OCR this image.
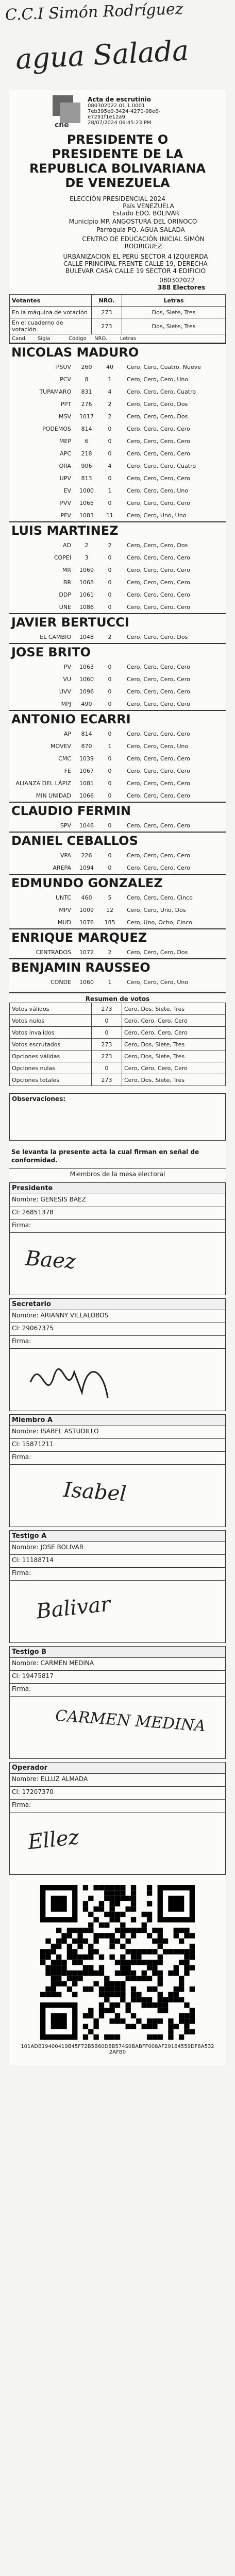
C.C.I Simón Rodríguez
agua Salada
cne
Acta de escrutinio
080302022.01.1.0001
7eb395e0-3424-4270-98e6-
e7291f1e12a9
28/07/2024 06:45:23 PM
PRESIDENTE O PRESIDENTE DE LA REPUBLICA BOLIVARIANA DE VENEZUELA
ELECCIÓN PRESIDENCIAL 2024
País VENEZUELA
Estado EDO. BOLIVAR
Municipio MP. ANGOSTURA DEL ORINOCO
Parroquia PQ. AGUA SALADA
CENTRO DE EDUCACIÓN INICIAL SIMÓN RODRIGUEZ
URBANIZACION EL PERU SECTOR 4 IZQUIERDA CALLE PRINCIPAL FRENTE CALLE 19, DERECHA BULEVAR CASA CALLE 19 SECTOR 4 EDIFICIO
080302022
388 Electores
Votantes	NRO.	Letras
En la máquina de votación	273	Dos, Siete, Tres
En el cuaderno de votación	273	Dos, Siete, Tres
Cand.	Sigla	Código	NRO.	Letras
NICOLAS MADURO
PSUV	260	40	Cero, Cero, Cuatro, Nueve
PCV	8	1	Cero, Cero, Cero, Uno
TUPAMARO	831	4	Cero, Cero, Cero, Cuatro
PPT	276	2	Cero, Cero, Cero, Dos
MSV	1017	2	Cero, Cero, Cero, Dos
PODEMOS	814	0	Cero, Cero, Cero, Cero
MEP	6	0	Cero, Cero, Cero, Cero
APC	218	0	Cero, Cero, Cero, Cero
ORA	906	4	Cero, Cero, Cero, Cuatro
UPV	813	0	Cero, Cero, Cero, Cero
EV	1000	1	Cero, Cero, Cero, Uno
PVV	1065	0	Cero, Cero, Cero, Cero
PFV	1083	11	Cero, Cero, Uno, Uno
LUIS MARTINEZ
AD	2	2	Cero, Cero, Cero, Dos
COPEI	3	0	Cero, Cero, Cero, Cero
MR	1069	0	Cero, Cero, Cero, Cero
BR	1068	0	Cero, Cero, Cero, Cero
DDP	1061	0	Cero, Cero, Cero, Cero
UNE	1086	0	Cero, Cero, Cero, Cero
JAVIER BERTUCCI
EL CAMBIO	1048	2	Cero, Cero, Cero, Dos
JOSE BRITO
PV	1063	0	Cero, Cero, Cero, Cero
VU	1060	0	Cero, Cero, Cero, Cero
UVV	1096	0	Cero, Cero, Cero, Cero
MPJ	490	0	Cero, Cero, Cero, Cero
ANTONIO ECARRI
AP	814	0	Cero, Cero, Cero, Cero
MOVEV	870	1	Cero, Cero, Cero, Uno
CMC	1039	0	Cero, Cero, Cero, Cero
FE	1067	0	Cero, Cero, Cero, Cero
ALIANZA DEL LÁPIZ	1081	0	Cero, Cero, Cero, Cero
MIN UNIDAD	1066	0	Cero, Cero, Cero, Cero
CLAUDIO FERMIN
SPV	1046	0	Cero, Cero, Cero, Cero
DANIEL CEBALLOS
VPA	226	0	Cero, Cero, Cero, Cero
AREPA	1094	0	Cero, Cero, Cero, Cero
EDMUNDO GONZALEZ
UNTC	460	5	Cero, Cero, Cero, Cinco
MPV	1009	12	Cero, Cero, Uno, Dos
MUD	1076	185	Cero, Uno, Ocho, Cinco
ENRIQUE MARQUEZ
CENTRADOS	1072	2	Cero, Cero, Cero, Dos
BENJAMIN RAUSSEO
CONDE	1060	1	Cero, Cero, Cero, Uno
Resumen de votos
Votos válidos	273	Cero, Dos, Siete, Tres
Votos nulos	0	Cero, Cero, Cero, Cero
Votos invalidos	0	Cero, Cero, Cero, Cero
Votos escrutados	273	Cero, Dos, Siete, Tres
Opciones válidas	273	Cero, Dos, Siete, Tres
Opciones nulas	0	Cero, Cero, Cero, Cero
Opciones totales	273	Cero, Dos, Siete, Tres
Observaciones:
Se levanta la presente acta la cual firman en señal de conformidad.
Miembros de la mesa electoral
Presidente
Nombre: GENESIS BAEZ
CI: 26851378
Firma:
Baez
Secretario
Nombre: ARIANNY VILLALOBOS
CI: 29067375
Firma:
Miembro A
Nombre: ISABEL ASTUDILLO
CI: 15871211
Firma:
Isabel
Testigo A
Nombre: JOSE BOLIVAR
CI: 11188714
Firma:
Balivar
Testigo B
Nombre: CARMEN MEDINA
CI: 19475817
Firma:
CARMEN MEDINA
Operador
Nombre: ELLUZ ALMADA
CI: 17207370
Firma:
Ellez
101ADB19400419B45F72B5B60D8B574S0BABFF008AF29164559DF6A5322AFB0
